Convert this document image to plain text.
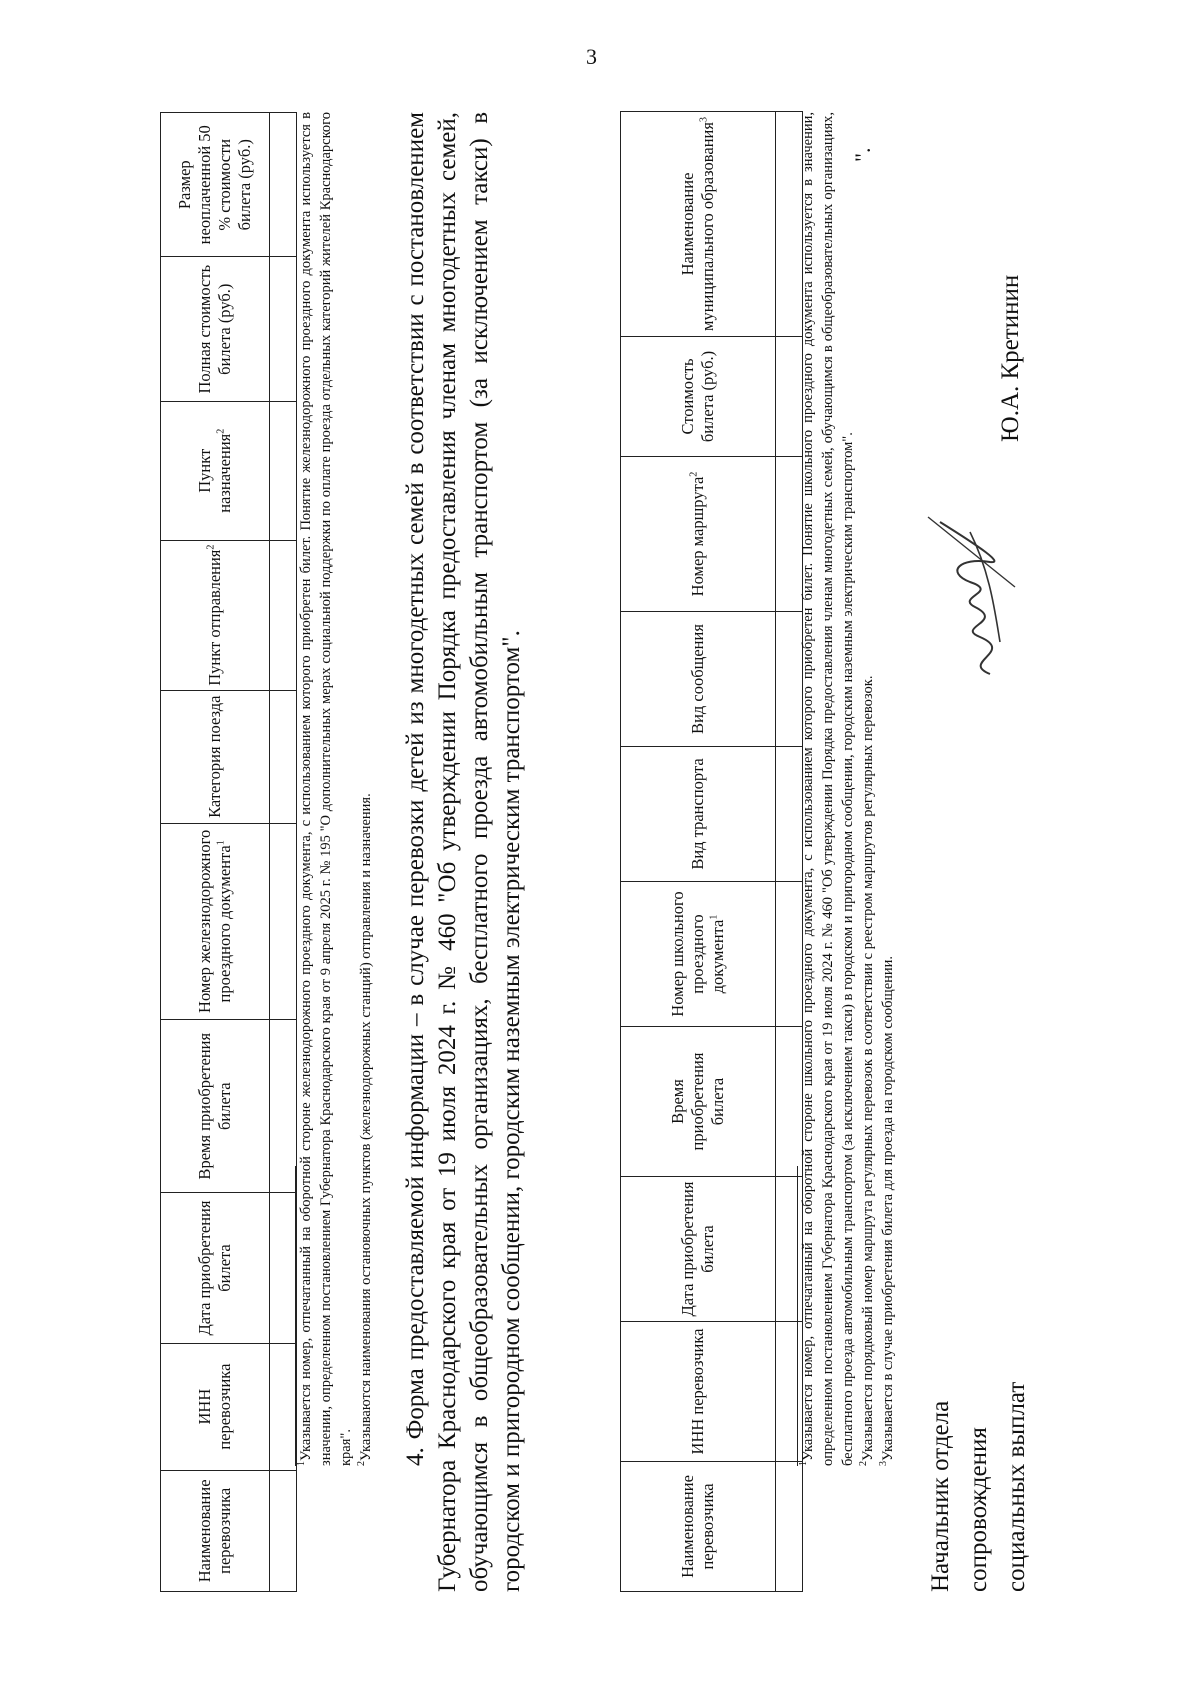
3
Наименование перевозчика	ИНН перевозчика	Дата приобретения билета	Время приобретения билета	Номер железнодорожного проездного документа$^1$	Категория поезда	Пункт отправления$^2$	Пункт назначения$^2$	Полная стоимость билета (руб.)	Размер неоплаченной 50 % стоимости билета (руб.)

$^1$Указывается номер, отпечатанный на оборотной стороне железнодорожного проездного документа, с использованием которого приобретен билет. Понятие железнодорожного проездного документа используется в значении, определенном постановлением Губернатора Краснодарского края от 9 апреля 2025 г. № 195 "О дополнительных мерах социальной поддержки по оплате проезда отдельных категорий жителей Краснодарского края". $^2$Указываются наименования остановочных пунктов (железнодорожных станций) отправления и назначения. 4. Форма предоставляемой информации – в случае перевозки детей из многодетных семей в соответствии с постановлением Губернатора Краснодарского края от 19 июля 2024 г. № 460 "Об утверждении Порядка предоставления членам многодетных семей, обучающимся в общеобразовательных организациях, бесплатного проезда автомобильным транспортом (за исключением такси) в городском и пригородном сообщении, городским наземным электрическим транспортом".	Наименование перевозчика	ИНН перевозчика	Дата приобретения билета	Время приобретения билета	Номер школьного проездного документа$^1$	Вид транспорта	Вид сообщения	Номер маршрута$^2$	Стоимость билета (руб.)	Наименование муниципального образования$^3$

$^1$Указывается номер, отпечатанный на оборотной стороне школьного проездного документа, с использованием которого приобретен билет. Понятие школьного проездного документа используется в значении, определенном постановлением Губернатора Краснодарского края от 19 июля 2024 г. № 460 "Об утверждении Порядка предоставления членам многодетных семей, обучающимся в общеобразовательных организациях, бесплатного проезда автомобильным транспортом (за исключением такси) в городском и пригородном сообщении, городским наземным электрическим транспортом". $^2$Указывается порядковый номер маршрута регулярных перевозок в соответствии с реестром маршрутов регулярных перевозок.

$^3$Указывается в случае приобретения билета для проезда на городском сообщении.

".
Начальник отдела сопровождения социальных выплат
Ю.А. Кретинин
